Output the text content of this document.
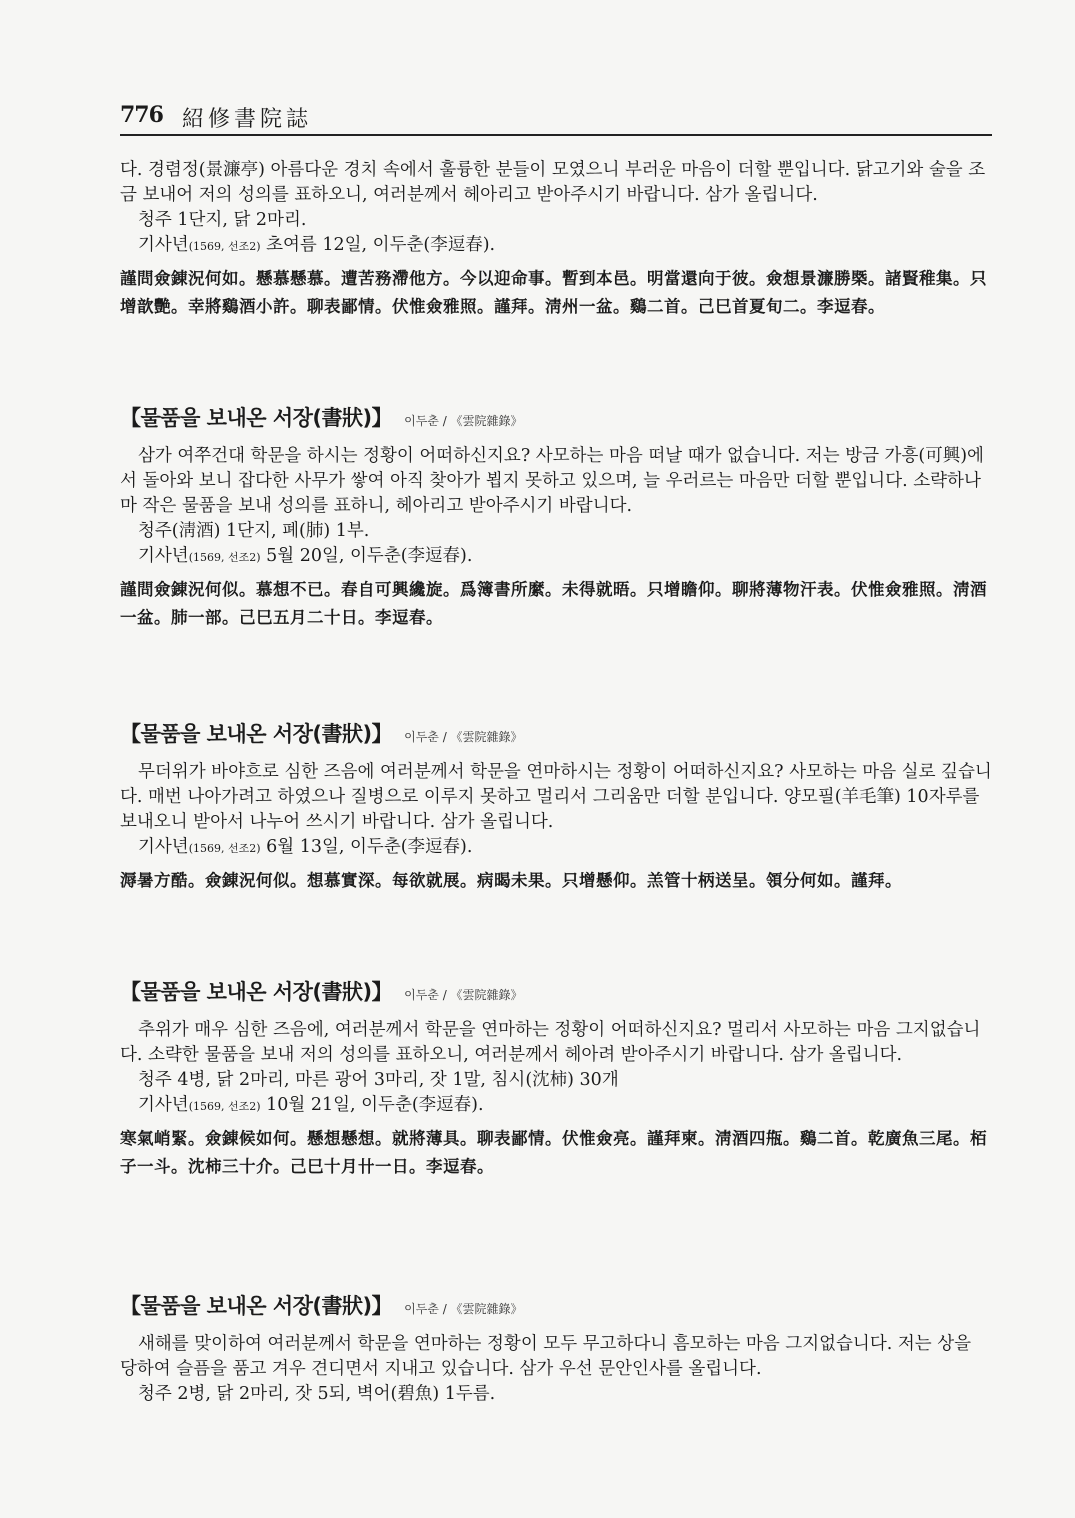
776 紹修書院誌

다. 경렴정(景濂亭) 아름다운 경치 속에서 훌륭한 분들이 모였으니 부러운 마음이 더할 뿐입니다. 닭고기와 술을 조금 보내어 저의 성의를 표하오니, 여러분께서 헤아리고 받아주시기 바랍니다. 삼가 올립니다.

청주 1단지, 닭 2마리.

기사년(1569, 선조2) 초여름 12일, 이두춘(李逗春).

謹問僉錬況何如。懸慕懸慕。遭苦務滯他方。今以迎命事。暫到本邑。明當還向于彼。僉想景濂勝槩。諸賢稚集。只增歆艷。幸將鷄酒小許。聊表鄙情。伏惟僉雅照。謹拜。淸州一盆。鷄二首。己巳首夏旬二。李逗春。

【물품을 보내온 서장(書狀)】 이두춘 / 《雲院雜錄》

삼가 여쭈건대 학문을 하시는 정황이 어떠하신지요? 사모하는 마음 떠날 때가 없습니다. 저는 방금 가흥(可興)에서 돌아와 보니 잡다한 사무가 쌓여 아직 찾아가 뵙지 못하고 있으며, 늘 우러르는 마음만 더할 뿐입니다. 소략하나마 작은 물품을 보내 성의를 표하니, 헤아리고 받아주시기 바랍니다.

청주(淸酒) 1단지, 폐(肺) 1부.

기사년(1569, 선조2) 5월 20일, 이두춘(李逗春).

謹問僉錬況何似。慕想不已。春自可興纔旋。爲簿書所縻。未得就晤。只增瞻仰。聊將薄物汗表。伏惟僉雅照。淸酒一盆。肺一部。己巳五月二十日。李逗春。

【물품을 보내온 서장(書狀)】 이두춘 / 《雲院雜錄》

무더위가 바야흐로 심한 즈음에 여러분께서 학문을 연마하시는 정황이 어떠하신지요? 사모하는 마음 실로 깊습니다. 매번 나아가려고 하였으나 질병으로 이루지 못하고 멀리서 그리움만 더할 분입니다. 양모필(羊毛筆) 10자루를 보내오니 받아서 나누어 쓰시기 바랍니다. 삼가 올립니다.

기사년(1569, 선조2) 6월 13일, 이두춘(李逗春).

溽暑方酷。僉錬況何似。想慕實深。每欲就展。病暍未果。只增懸仰。羔管十柄送呈。領分何如。謹拜。

【물품을 보내온 서장(書狀)】 이두춘 / 《雲院雜錄》

추위가 매우 심한 즈음에, 여러분께서 학문을 연마하는 정황이 어떠하신지요? 멀리서 사모하는 마음 그지없습니다. 소략한 물품을 보내 저의 성의를 표하오니, 여러분께서 헤아려 받아주시기 바랍니다. 삼가 올립니다.

청주 4병, 닭 2마리, 마른 광어 3마리, 잣 1말, 침시(沈柿) 30개

기사년(1569, 선조2) 10월 21일, 이두춘(李逗春).

寒氣峭緊。僉錬候如何。懸想懸想。就將薄具。聊表鄙情。伏惟僉亮。謹拜柬。淸酒四甁。鷄二首。乾廣魚三尾。栢子一斗。沈柿三十介。己巳十月卄一日。李逗春。

【물품을 보내온 서장(書狀)】 이두춘 / 《雲院雜錄》

새해를 맞이하여 여러분께서 학문을 연마하는 정황이 모두 무고하다니 흠모하는 마음 그지없습니다. 저는 상을 당하여 슬픔을 품고 겨우 견디면서 지내고 있습니다. 삼가 우선 문안인사를 올립니다.

청주 2병, 닭 2마리, 잣 5되, 벽어(碧魚) 1두름.
